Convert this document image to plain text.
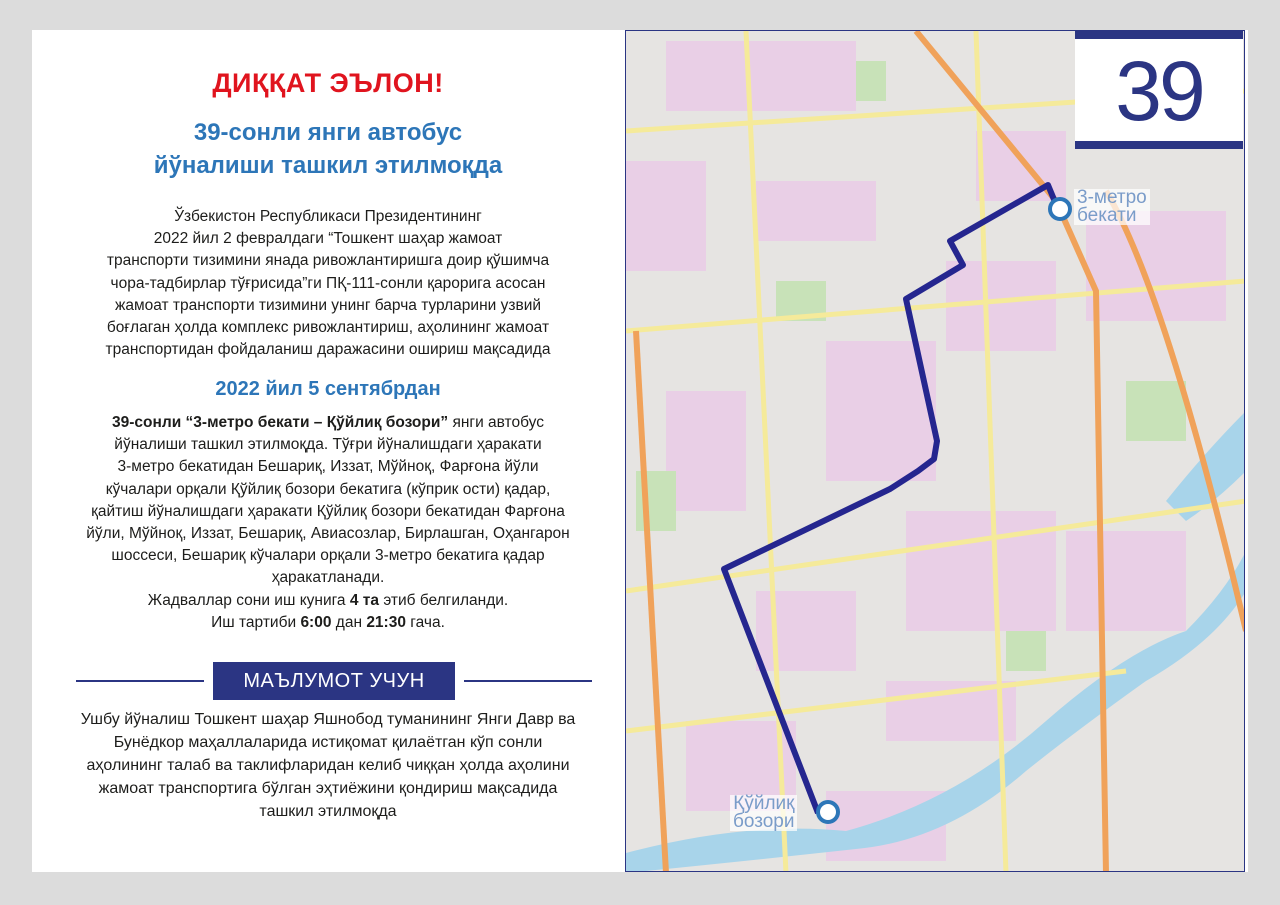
ДИҚҚАТ ЭЪЛОН!
39-сонли янги автобус
йўналиши ташкил этилмоқда
Ўзбекистон Республикаси Президентининг
2022 йил 2 февралдаги “Тошкент шаҳар жамоат
транспорти тизимини янада ривожлантиришга доир қўшимча
чора-тадбирлар тўғрисида”ги ПҚ-111-сонли қарорига асосан
жамоат транспорти тизимини унинг барча турларини узвий
боғлаган ҳолда комплекс ривожлантириш, аҳолининг жамоат
транспортидан фойдаланиш даражасини ошириш мақсадида
2022 йил 5 сентябрдан
39-сонли “3-метро бекати – Қўйлиқ бозори” янги автобус
йўналиши ташкил этилмоқда. Тўғри йўналишдаги ҳаракати
3-метро бекатидан Бешариқ, Иззат, Мўйноқ, Фарғона йўли
кўчалари орқали Қўйлиқ бозори бекатига (кўприк ости) қадар,
қайтиш йўналишдаги ҳаракати Қўйлиқ бозори бекатидан Фарғона
йўли, Мўйноқ, Иззат, Бешариқ, Авиасозлар, Бирлашган, Оҳангарон
шоссеси, Бешариқ кўчалари орқали 3-метро бекатига қадар
ҳаракатланади.
Жадваллар сони иш кунига 4 та этиб белгиланди.
Иш тартиби 6:00 дан 21:30 гача.
МАЪЛУМОТ УЧУН
Ушбу йўналиш Тошкент шаҳар Яшнобод туманининг Янги Давр ва
Бунёдкор маҳаллаларида истиқомат қилаётган кўп сонли
аҳолининг талаб ва таклифларидан келиб чиққан ҳолда аҳолини
жамоат транспортига бўлган эҳтиёжини қондириш мақсадида
ташкил этилмоқда
3-метро
бекати
Қўйлиқ
бозори
39
